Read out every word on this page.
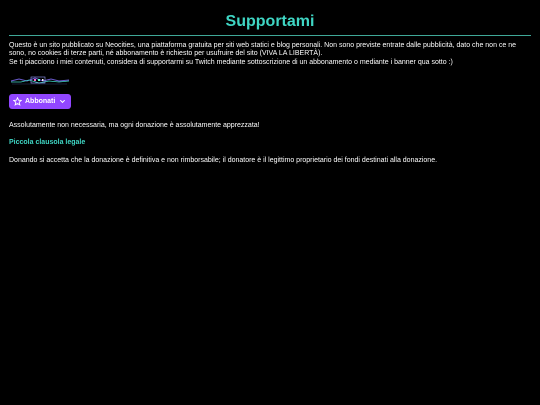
Supportami

Questo è un sito pubblicato su Neocities, una piattaforma gratuita per siti web statici e blog personali. Non sono previste entrate dalle pubblicità, dato che non ce ne sono, no cookies di terze parti, né abbonamento è richiesto per usufruire del sito (VIVA LA LIBERTÀ).

Se ti piacciono i miei contenuti, considera di supportarmi su Twitch mediante sottoscrizione di un abbonamento o mediante i banner qua sotto :)

Abbonati
Assolutamente non necessaria, ma ogni donazione è assolutamente apprezzata!
Piccola clausola legale
Donando si accetta che la donazione è definitiva e non rimborsabile; il donatore è il legittimo proprietario dei fondi destinati alla donazione.
